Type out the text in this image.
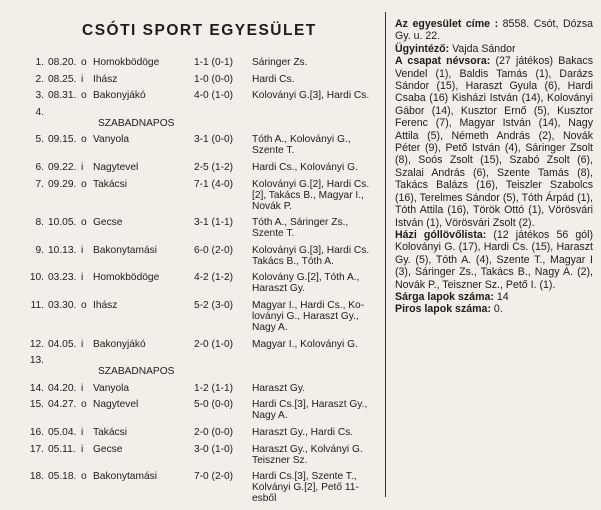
CSÓTI SPORT EGYESÜLET
1. 08.20. o Homokbödöge	1-1 (0-1) Sáringer Zs.
2. 08.25. i Ihász	1-0 (0-0) Hardi Cs.
3. 08.31. o Bakonyjákó	4-0 (1-0) Koloványi G.[3], Hardi Cs.
4.
SZABADNAPOS
5. 09.15. o Vanyola	3-1 (0-0) Tóth A., Koloványi G.,
Szente T.
6. 09.22. i Nagytevel	2-5 (1-2) Hardi Cs., Koloványi G.
7. 09.29. o Takácsi	7-1 (4-0) Koloványi G.[2], Hardi Cs.
[2], Takács B., Magyar I.,
Novák P.
8. 10.05. o Gecse	3-1 (1-1) Tóth A., Sáringer Zs.,
Szente T.
9. 10.13. i Bakonytamási	6-0 (2-0) Koloványi G.[3], Hardi Cs.
Takács B., Tóth A.
10. 03.23. i Homokbödöge	4-2 (1-2) Kolovány G.[2], Tóth A.,
Haraszt Gy.
11. 03.30. o Ihász	5-2 (3-0) Magyar I., Hardi Cs., Ko-
loványi G., Haraszt Gy.,
Nagy A.
12. 04.05. i Bakonyjákó	2-0 (1-0) Magyar I., Koloványi G.
13.
SZABADNAPOS
14. 04.20. i Vanyola	1-2 (1-1) Haraszt Gy.
15. 04.27. o Nagytevel	5-0 (0-0) Hardi Cs.[3], Haraszt Gy.,
Nagy A.
16. 05.04. i Takácsi	2-0 (0-0) Haraszt Gy., Hardi Cs.
17. 05.11. i Gecse	3-0 (1-0) Haraszt Gy., Kolványi G.
Teiszner Sz.
18. 05.18. o Bakonytamási	7-0 (2-0) Hardi Cs.[3], Szente T.,
Kolványi G.[2], Pető 11-
esből

Az egyesület címe : 8558. Csót, Dózsa Gy. u. 22.

Ügyintéző: Vajda Sándor

A csapat névsora: (27 játékos) Bakacs Vendel (1), Baldis Tamás (1), Darázs Sándor (15), Haraszt Gyula (6), Hardi Csaba (16) Kisházi István (14), Koloványi Gábor (14), Kusztor Ernő (5), Kusztor Ferenc (7), Magyar István (14), Nagy Attila (5), Németh András (2), Novák Péter (9), Pető István (4), Sáringer Zsolt (8), Soós Zsolt (15), Szabó Zsolt (6), Szalai András (6), Szente Tamás (8), Takács Balázs (16), Teiszler Szabolcs (16), Terelmes Sándor (5), Tóth Árpád (1), Tóth Attila (16), Török Ottó (1), Vörösvári István (1), Vörösvári Zsolt (2).

Házi góllövőlista: (12 játékos 56 gól) Koloványi G. (17), Hardi Cs. (15), Haraszt Gy. (5), Tóth A. (4), Szente T., Magyar I (3), Sáringer Zs., Takács B., Nagy A. (2), Novák P., Teiszner Sz., Pető I. (1).

Sárga lapok száma: 14

Piros lapok száma: 0.
